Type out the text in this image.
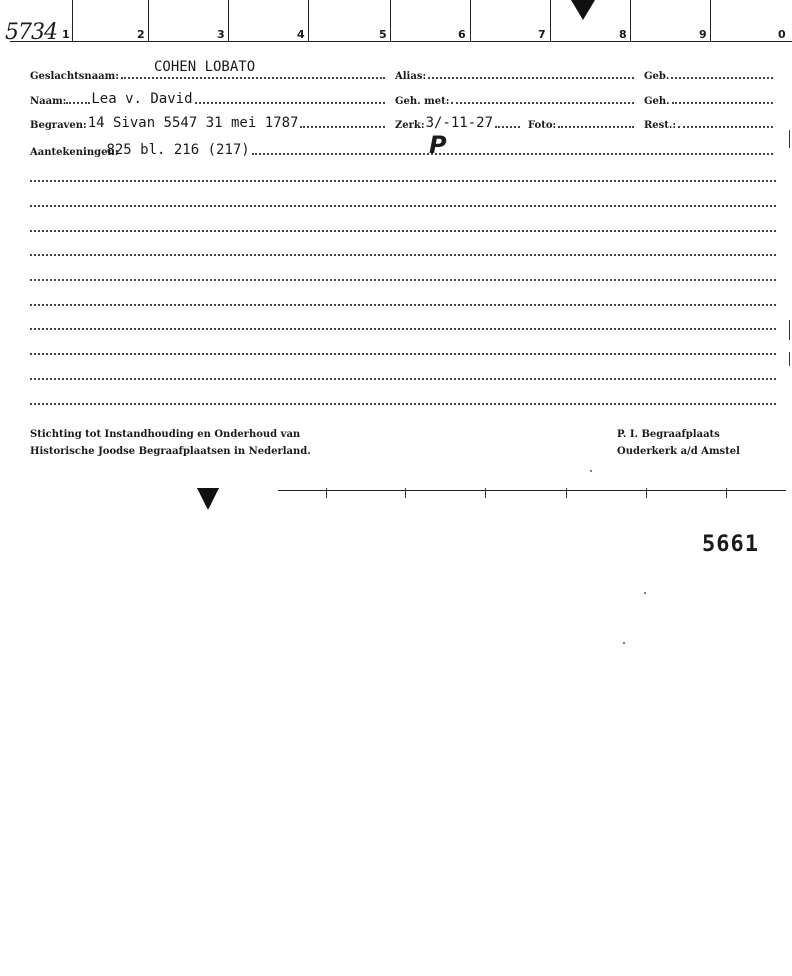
5734 1	2	3	4	5	6	7	8	9	0
COHEN LOBATO
Geslachtsnaam:	Alias:	Geb.
Naam: Lea v. David	Geh. met:	Geh.
Begraven: 14 Sivan 5547 31 mei 1787	Zerk: 3/-11-27	Foto:	Rest.:
Aantekeningen:
825 bl. 216 (217)	P
Stichting tot Instandhouding en Onderhoud van
Historische Joodse Begraafplaatsen in Nederland.
P. I. Begraafplaats
Ouderkerk a/d Amstel
5661
